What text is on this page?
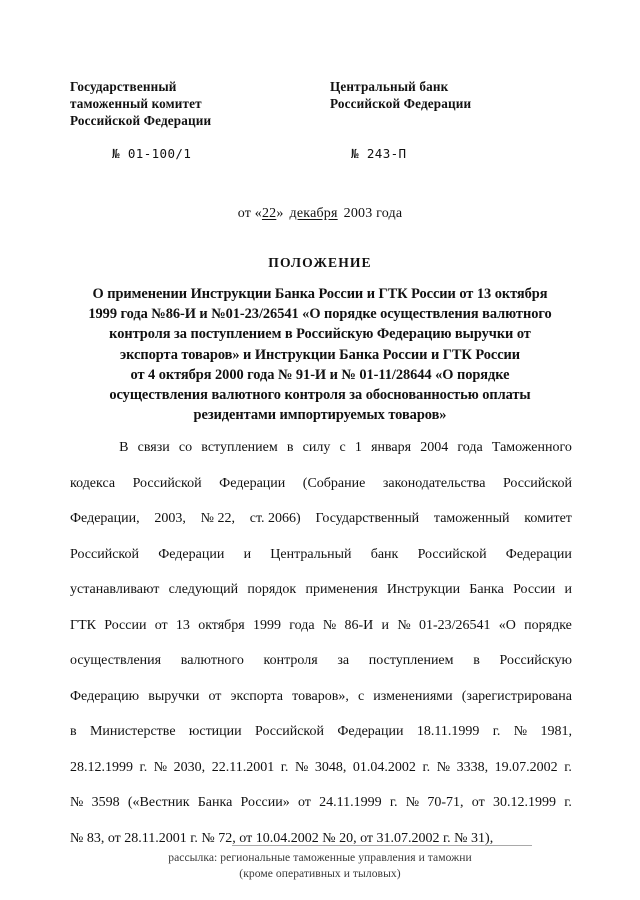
Государственный
таможенный комитет
Российской Федерации
Центральный банк
Российской Федерации
№ 01-100/1	№ 243-П
от «22» декабря 2003 года
ПОЛОЖЕНИЕ
О применении Инструкции Банка России и ГТК России от 13 октября
1999 года №86-И и №01-23/26541 «О порядке осуществления валютного
контроля за поступлением в Российскую Федерацию выручки от
экспорта товаров» и Инструкции Банка России и ГТК России
от 4 октября 2000 года № 91-И и № 01-11/28644 «О порядке
осуществления валютного контроля за обоснованностью оплаты
резидентами импортируемых товаров»
В связи со вступлением в силу с 1 января 2004 года Таможенного
кодекса Российской Федерации (Собрание законодательства Российской
Федерации, 2003, № 22, ст. 2066) Государственный таможенный комитет
Российской Федерации и Центральный банк Российской Федерации
устанавливают следующий порядок применения Инструкции Банка России и
ГТК России от 13 октября 1999 года № 86-И и № 01-23/26541 «О порядке
осуществления валютного контроля за поступлением в Российскую
Федерацию выручки от экспорта товаров», с изменениями (зарегистрирована
в Министерстве юстиции Российской Федерации 18.11.1999 г. № 1981,
28.12.1999 г. № 2030, 22.11.2001 г. № 3048, 01.04.2002 г. № 3338, 19.07.2002 г.
№ 3598 («Вестник Банка России» от 24.11.1999 г. № 70-71, от 30.12.1999 г.
№ 83, от 28.11.2001 г. № 72, от 10.04.2002 № 20, от 31.07.2002 г. № 31),
рассылка: региональные таможенные управления и таможни
(кроме оперативных и тыловых)
